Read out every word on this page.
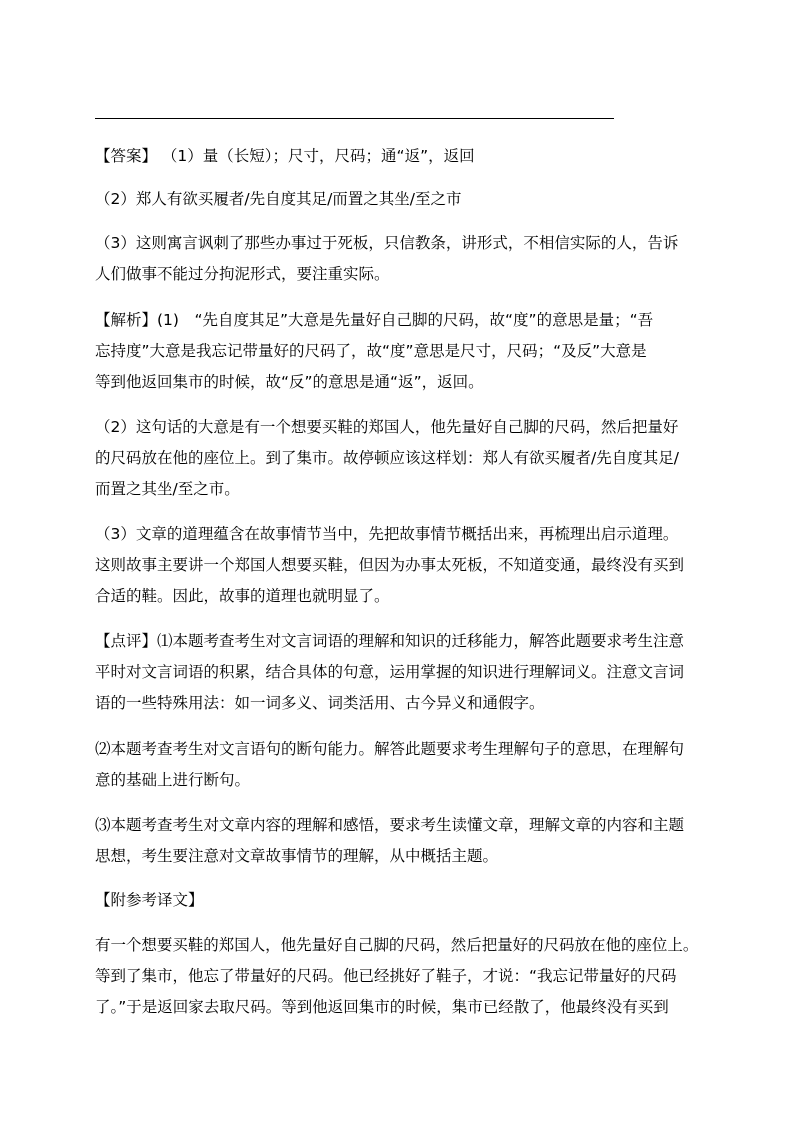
【答案】 （1）量（长短）；尺寸，尺码；通“返”，返回
（2）郑人有欲买履者/先自度其足/而置之其坐/至之市
（3）这则寓言讽刺了那些办事过于死板，只信教条，讲形式，不相信实际的人，告诉
人们做事不能过分拘泥形式，要注重实际。
【解析】(1)　“先自度其足”大意是先量好自己脚的尺码，故“度”的意思是量；“吾
忘持度”大意是我忘记带量好的尺码了，故“度”意思是尺寸，尺码；“及反”大意是
等到他返回集市的时候，故“反”的意思是通“返”，返回。
（2）这句话的大意是有一个想要买鞋的郑国人，他先量好自己脚的尺码，然后把量好
的尺码放在他的座位上。到了集市。故停顿应该这样划：郑人有欲买履者/先自度其足/
而置之其坐/至之市。
（3）文章的道理蕴含在故事情节当中，先把故事情节概括出来，再梳理出启示道理。
这则故事主要讲一个郑国人想要买鞋，但因为办事太死板，不知道变通，最终没有买到
合适的鞋。因此，故事的道理也就明显了。
【点评】⑴本题考查考生对文言词语的理解和知识的迁移能力，解答此题要求考生注意
平时对文言词语的积累，结合具体的句意，运用掌握的知识进行理解词义。注意文言词
语的一些特殊用法：如一词多义、词类活用、古今异义和通假字。
⑵本题考查考生对文言语句的断句能力。解答此题要求考生理解句子的意思，在理解句
意的基础上进行断句。
⑶本题考查考生对文章内容的理解和感悟，要求考生读懂文章，理解文章的内容和主题
思想，考生要注意对文章故事情节的理解，从中概括主题。
【附参考译文】
有一个想要买鞋的郑国人，他先量好自己脚的尺码，然后把量好的尺码放在他的座位上。
等到了集市，他忘了带量好的尺码。他已经挑好了鞋子，才说：“我忘记带量好的尺码
了。”于是返回家去取尺码。等到他返回集市的时候，集市已经散了，他最终没有买到
